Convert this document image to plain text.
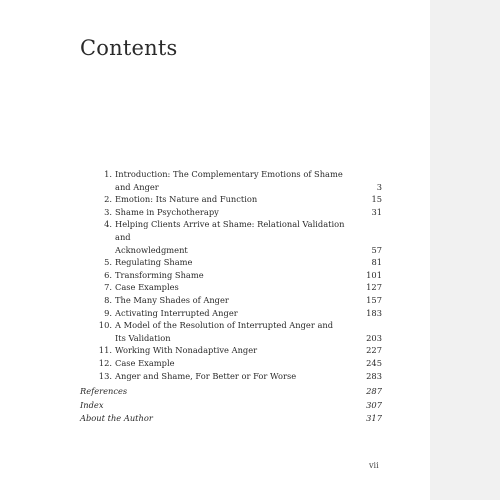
Contents
1. Introduction: The Complementary Emotions of Shame
and Anger	3
2. Emotion: Its Nature and Function	15
3. Shame in Psychotherapy	31
4. Helping Clients Arrive at Shame: Relational Validation and
Acknowledgment	57
5. Regulating Shame	81
6. Transforming Shame	101
7. Case Examples	127
8. The Many Shades of Anger	157
9. Activating Interrupted Anger	183
10. A Model of the Resolution of Interrupted Anger and
Its Validation	203
11. Working With Nonadaptive Anger	227
12. Case Example	245
13. Anger and Shame, For Better or For Worse	283
References	287
Index	307
About the Author	317
vii
